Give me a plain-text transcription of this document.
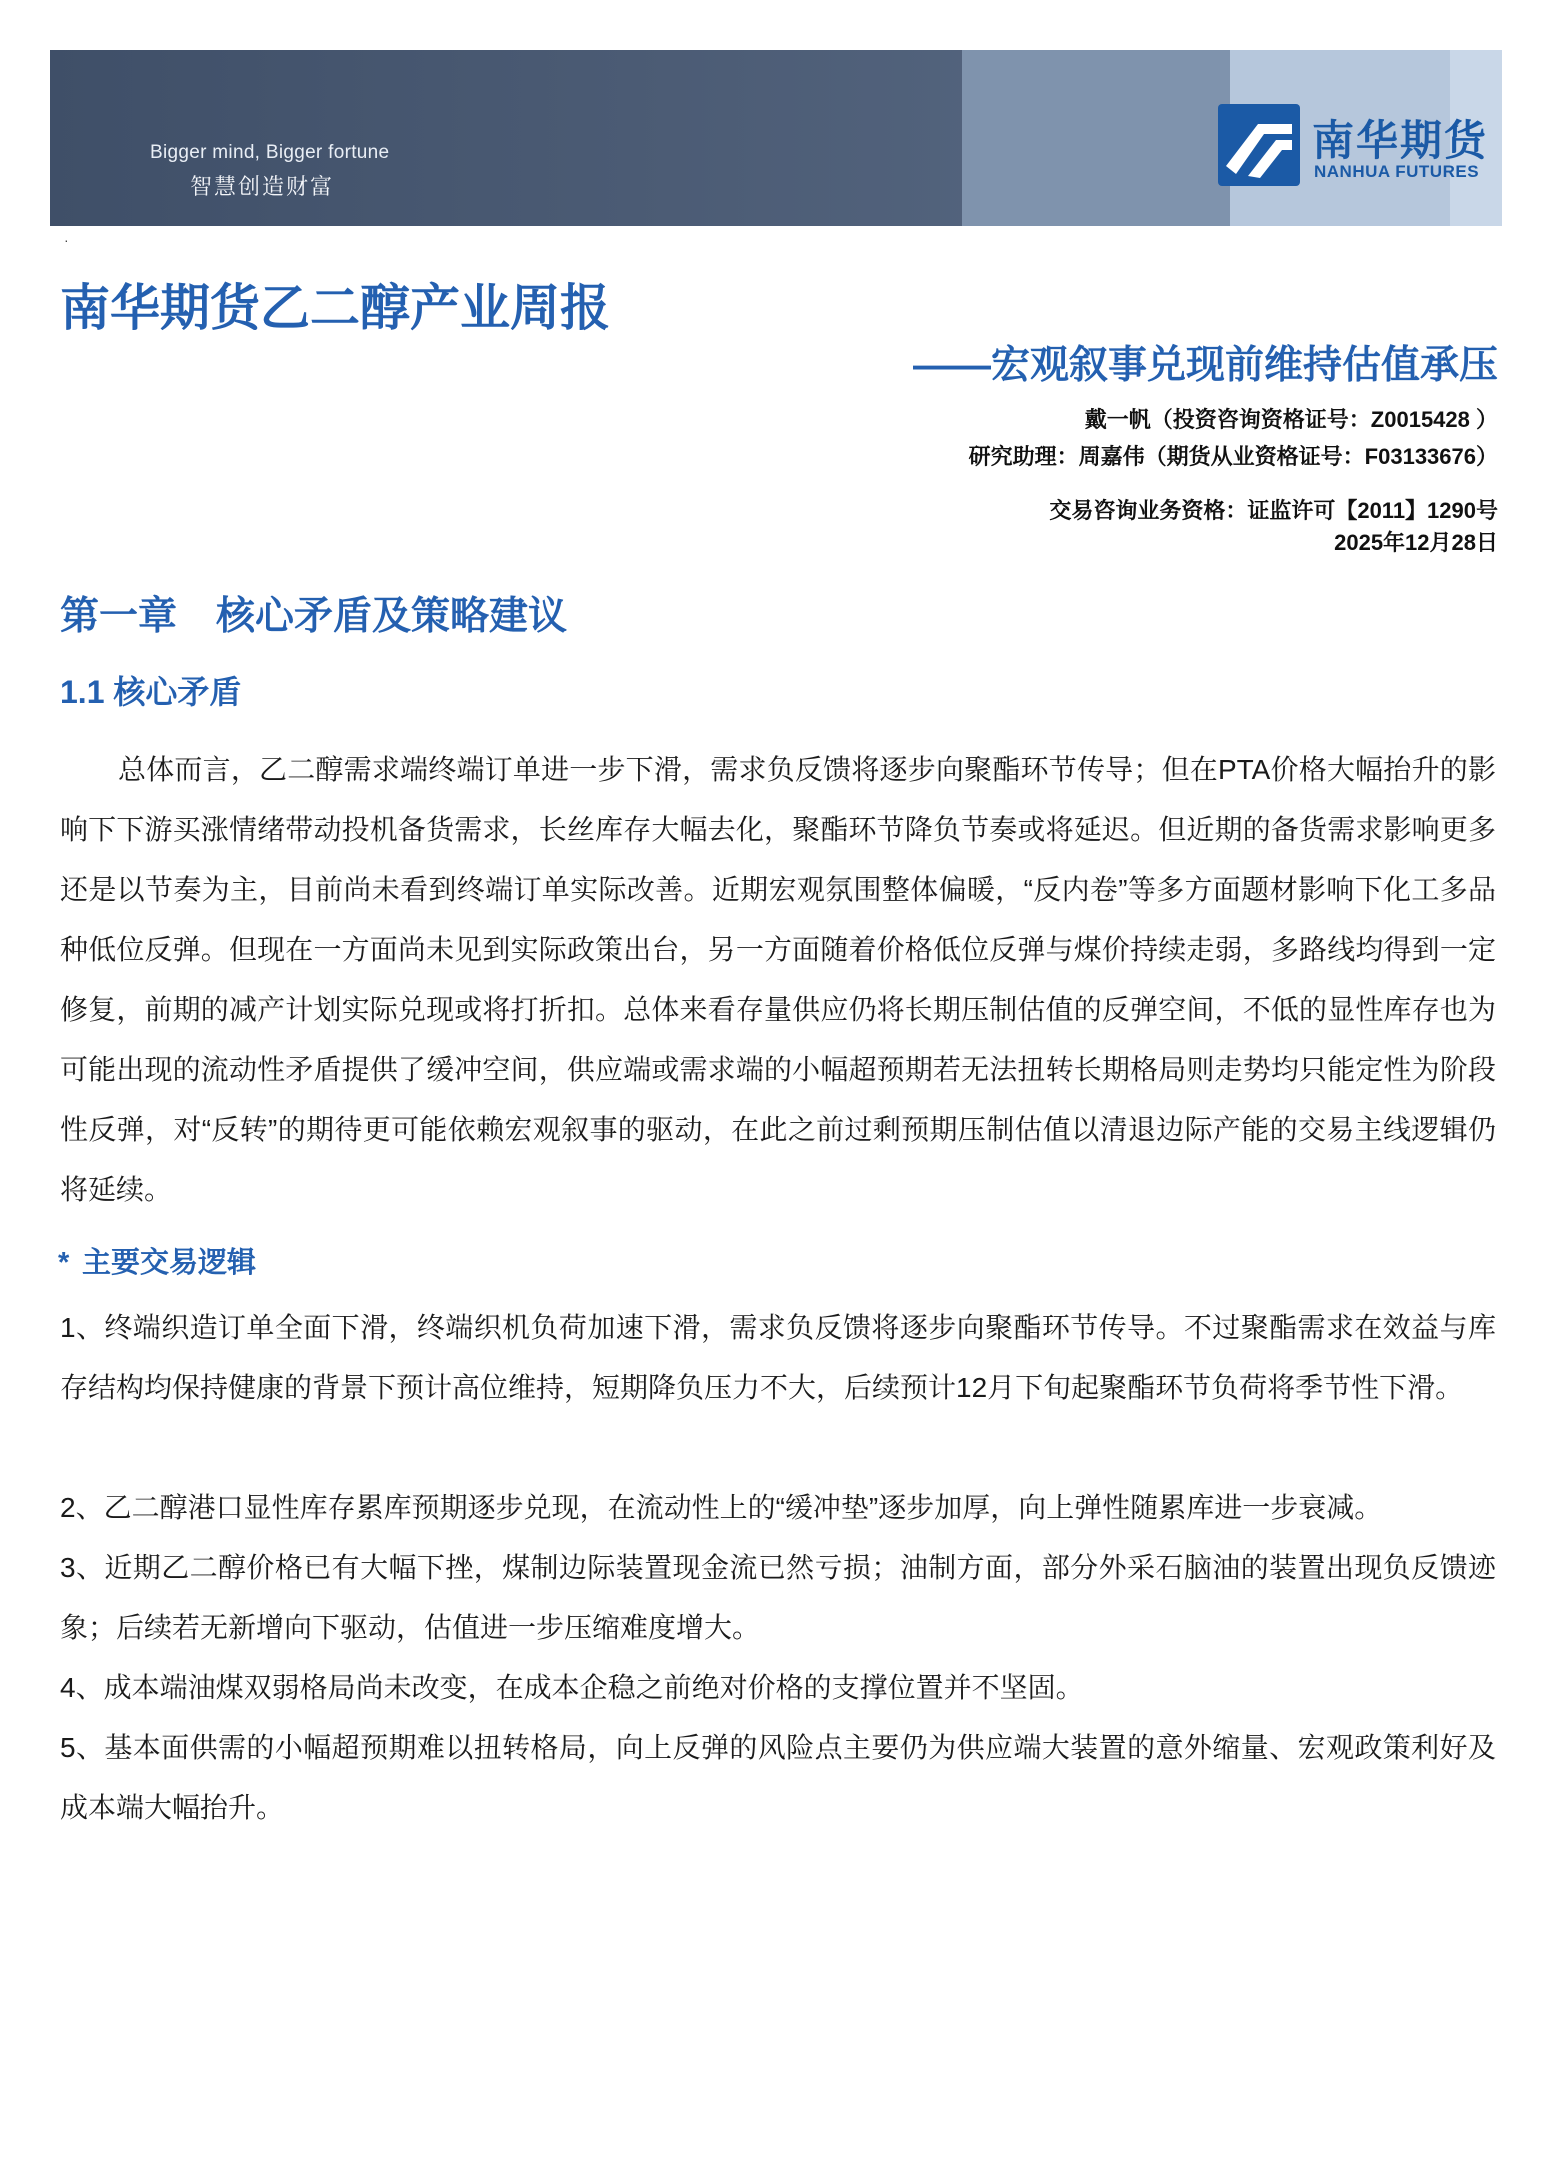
Bigger mind, Bigger fortune
智慧创造财富
南华期货
NANHUA FUTURES
·
南华期货乙二醇产业周报
——宏观叙事兑现前维持估值承压
戴一帆（投资咨询资格证号：Z0015428 ）
研究助理：周嘉伟（期货从业资格证号：F03133676）
交易咨询业务资格：证监许可【2011】1290号
2025年12月28日
第一章　核心矛盾及策略建议
1.1 核心矛盾

总体而言，乙二醇需求端终端订单进一步下滑，需求负反馈将逐步向聚酯环节传导；但在PTA价格大幅抬升的影响下下游买涨情绪带动投机备货需求，长丝库存大幅去化，聚酯环节降负节奏或将延迟。但近期的备货需求影响更多还是以节奏为主，目前尚未看到终端订单实际改善。近期宏观氛围整体偏暖，“反内卷”等多方面题材影响下化工多品种低位反弹。但现在一方面尚未见到实际政策出台，另一方面随着价格低位反弹与煤价持续走弱，多路线均得到一定修复，前期的减产计划实际兑现或将打折扣。总体来看存量供应仍将长期压制估值的反弹空间，不低的显性库存也为可能出现的流动性矛盾提供了缓冲空间，供应端或需求端的小幅超预期若无法扭转长期格局则走势均只能定性为阶段性反弹，对“反转”的期待更可能依赖宏观叙事的驱动，在此之前过剩预期压制估值以清退边际产能的交易主线逻辑仍将延续。

* 主要交易逻辑

1、终端织造订单全面下滑，终端织机负荷加速下滑，需求负反馈将逐步向聚酯环节传导。不过聚酯需求在效益与库存结构均保持健康的背景下预计高位维持，短期降负压力不大，后续预计12月下旬起聚酯环节负荷将季节性下滑。

2、乙二醇港口显性库存累库预期逐步兑现，在流动性上的“缓冲垫”逐步加厚，向上弹性随累库进一步衰减。

3、近期乙二醇价格已有大幅下挫，煤制边际装置现金流已然亏损；油制方面，部分外采石脑油的装置出现负反馈迹象；后续若无新增向下驱动，估值进一步压缩难度增大。

4、成本端油煤双弱格局尚未改变，在成本企稳之前绝对价格的支撑位置并不坚固。

5、基本面供需的小幅超预期难以扭转格局，向上反弹的风险点主要仍为供应端大装置的意外缩量、宏观政策利好及成本端大幅抬升。
